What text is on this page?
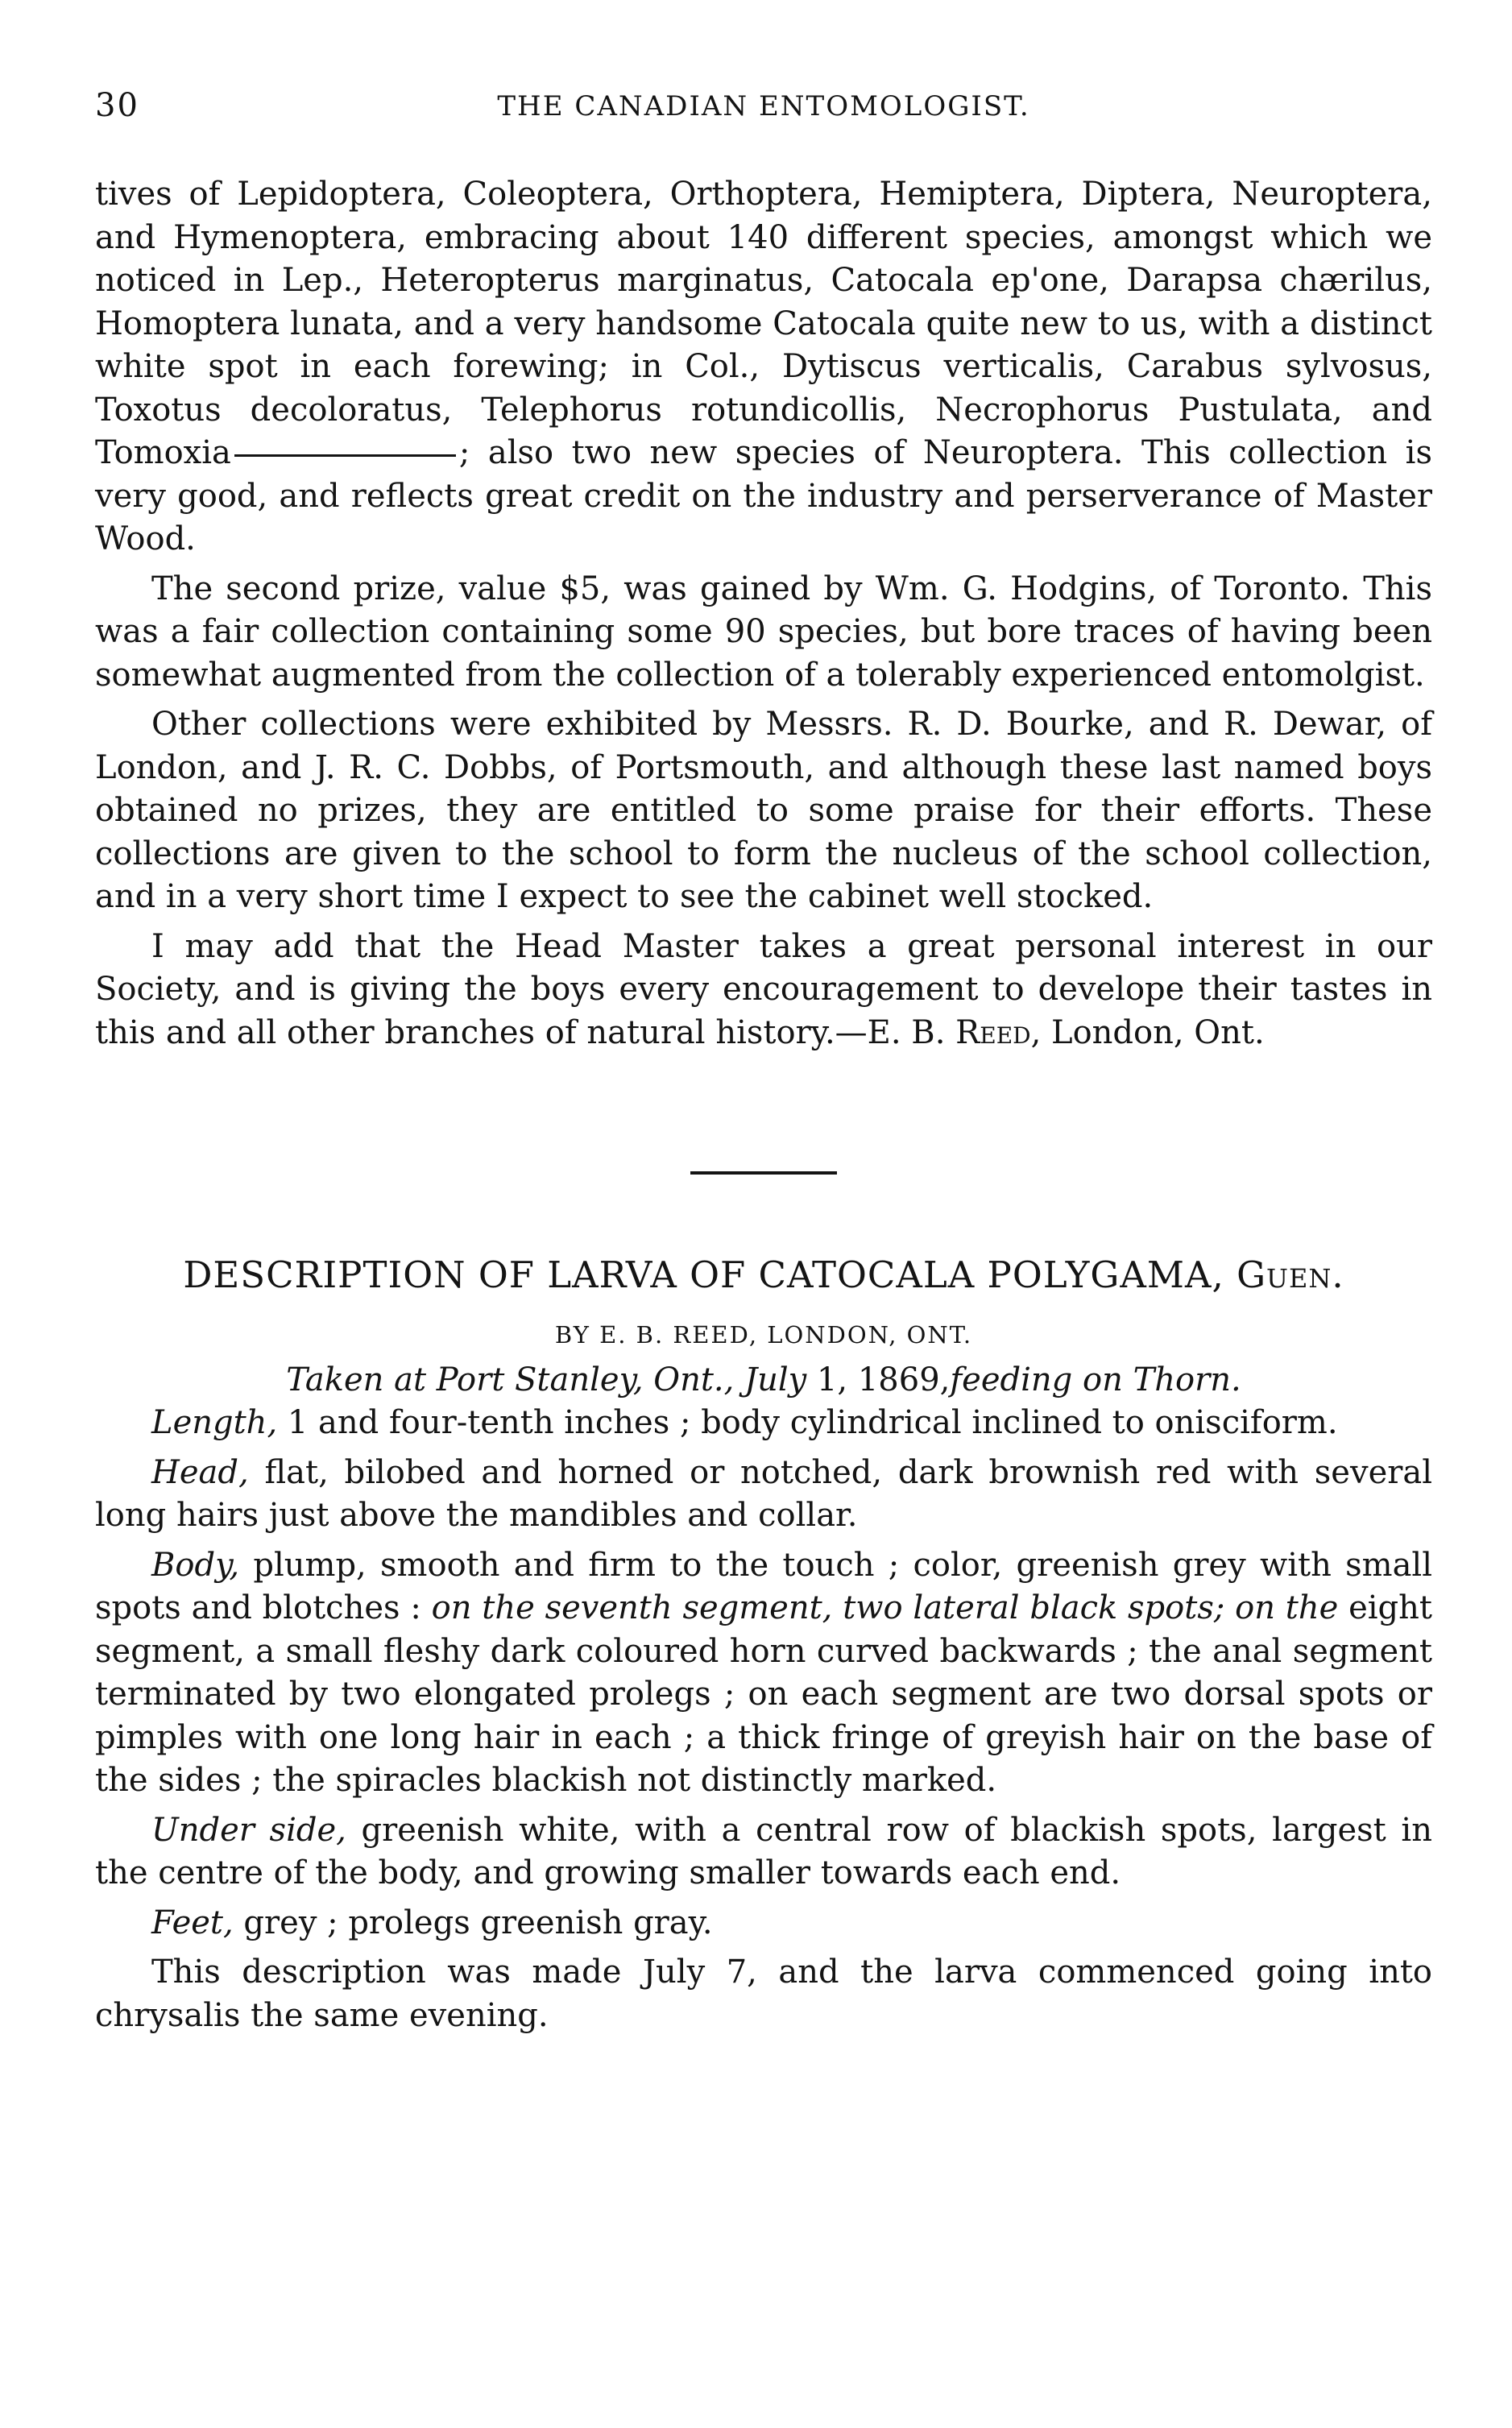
30	THE CANADIAN ENTOMOLOGIST.

tives of Lepidoptera, Coleoptera, Orthoptera, Hemiptera, Diptera, Neuroptera, and Hymenoptera, embracing about 140 different species, amongst which we noticed in Lep., Heteropterus marginatus, Catocala ep'one, Darapsa chærilus, Homoptera lunata, and a very handsome Catocala quite new to us, with a distinct white spot in each forewing; in Col., Dytiscus verticalis, Carabus sylvosus, Toxotus decoloratus, Telephorus rotundicollis, Necrophorus Pustulata, and Tomoxia	; also two new species of Neuroptera. This collection is very good, and reflects great credit on the industry and perserverance of Master Wood.

The second prize, value $5, was gained by Wm. G. Hodgins, of Toronto. This was a fair collection containing some 90 species, but bore traces of having been somewhat augmented from the collection of a tolerably experienced entomolgist.

Other collections were exhibited by Messrs. R. D. Bourke, and R. Dewar, of London, and J. R. C. Dobbs, of Portsmouth, and although these last named boys obtained no prizes, they are entitled to some praise for their efforts. These collections are given to the school to form the nucleus of the school collection, and in a very short time I expect to see the cabinet well stocked.

I may add that the Head Master takes a great personal interest in our Society, and is giving the boys every encouragement to develope their tastes in this and all other branches of natural history.—E. B. Reed, London, Ont.

DESCRIPTION OF LARVA OF CATOCALA POLYGAMA, Guen.
BY E. B. REED, LONDON, ONT.
Taken at Port Stanley, Ont., July 1, 1869,feeding on Thorn.

Length, 1 and four-tenth inches ; body cylindrical inclined to onisciform.

Head, flat, bilobed and horned or notched, dark brownish red with several long hairs just above the mandibles and collar.

Body, plump, smooth and firm to the touch ; color, greenish grey with small spots and blotches : on the seventh segment, two lateral black spots; on the eight segment, a small fleshy dark coloured horn curved backwards ; the anal segment terminated by two elongated prolegs ; on each segment are two dorsal spots or pimples with one long hair in each ; a thick fringe of greyish hair on the base of the sides ; the spiracles blackish not distinctly marked.

Under side, greenish white, with a central row of blackish spots, largest in the centre of the body, and growing smaller towards each end.

Feet, grey ; prolegs greenish gray.

This description was made July 7, and the larva commenced going into chrysalis the same evening.
